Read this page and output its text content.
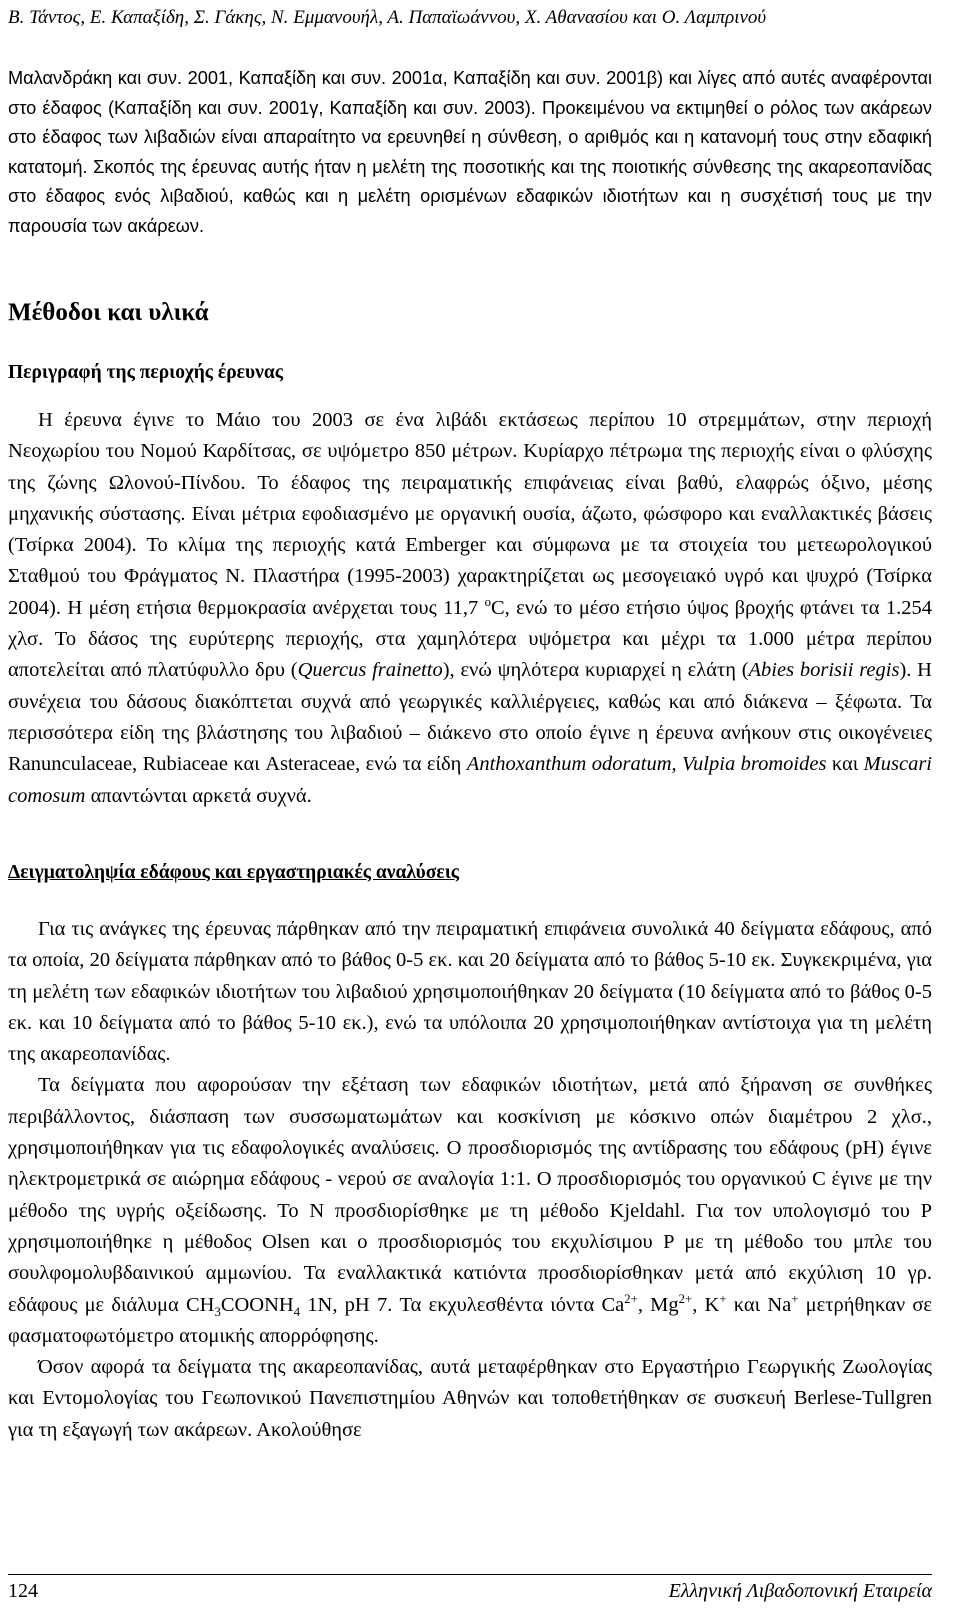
Β. Τάντος, Ε. Καπαξίδη, Σ. Γάκης, Ν. Εμμανουήλ, Α. Παπαϊωάννου, Χ. Αθανασίου και Ο. Λαμπρινού

Μαλανδράκη και συν. 2001, Καπαξίδη και συν. 2001α, Καπαξίδη και συν. 2001β) και λίγες από αυτές αναφέρονται στο έδαφος (Καπαξίδη και συν. 2001γ, Καπαξίδη και συν. 2003). Προκειμένου να εκτιμηθεί ο ρόλος των ακάρεων στο έδαφος των λιβαδιών είναι απαραίτητο να ερευνηθεί η σύνθεση, ο αριθμός και η κατανομή τους στην εδαφική κατατομή. Σκοπός της έρευνας αυτής ήταν η μελέτη της ποσοτικής και της ποιοτικής σύνθεσης της ακαρεοπανίδας στο έδαφος ενός λιβαδιού, καθώς και η μελέτη ορισμένων εδαφικών ιδιοτήτων και η συσχέτισή τους με την παρουσία των ακάρεων.

Μέθοδοι και υλικά
Περιγραφή της περιοχής έρευνας

Η έρευνα έγινε το Μάιο του 2003 σε ένα λιβάδι εκτάσεως περίπου 10 στρεμμάτων, στην περιοχή Νεοχωρίου του Νομού Καρδίτσας, σε υψόμετρο 850 μέτρων. Κυρίαρχο πέτρωμα της περιοχής είναι ο φλύσχης της ζώνης Ωλονού-Πίνδου. Το έδαφος της πειραματικής επιφάνειας είναι βαθύ, ελαφρώς όξινο, μέσης μηχανικής σύστασης. Είναι μέτρια εφοδιασμένο με οργανική ουσία, άζωτο, φώσφορο και εναλλακτικές βάσεις (Τσίρκα 2004). Το κλίμα της περιοχής κατά Emberger και σύμφωνα με τα στοιχεία του μετεωρολογικού Σταθμού του Φράγματος Ν. Πλαστήρα (1995-2003) χαρακτηρίζεται ως μεσογειακό υγρό και ψυχρό (Τσίρκα 2004). Η μέση ετήσια θερμοκρασία ανέρχεται τους 11,7 $^o$C, ενώ το μέσο ετήσιο ύψος βροχής φτάνει τα 1.254 χλσ. Το δάσος της ευρύτερης περιοχής, στα χαμηλότερα υψόμετρα και μέχρι τα 1.000 μέτρα περίπου αποτελείται από πλατύφυλλο δρυ (Quercus frainetto), ενώ ψηλότερα κυριαρχεί η ελάτη (Abies borisii regis). Η συνέχεια του δάσους διακόπτεται συχνά από γεωργικές καλλιέργειες, καθώς και από διάκενα – ξέφωτα. Τα περισσότερα είδη της βλάστησης του λιβαδιού – διάκενο στο οποίο έγινε η έρευνα ανήκουν στις οικογένειες Ranunculaceae, Rubiaceae και Asteraceae, ενώ τα είδη Anthoxanthum odoratum, Vulpia bromoides και Muscari comosum απαντώνται αρκετά συχνά.

Δειγματοληψία εδάφους και εργαστηριακές αναλύσεις

Για τις ανάγκες της έρευνας πάρθηκαν από την πειραματική επιφάνεια συνολικά 40 δείγματα εδάφους, από τα οποία, 20 δείγματα πάρθηκαν από το βάθος 0-5 εκ. και 20 δείγματα από το βάθος 5-10 εκ. Συγκεκριμένα, για τη μελέτη των εδαφικών ιδιοτήτων του λιβαδιού χρησιμοποιήθηκαν 20 δείγματα (10 δείγματα από το βάθος 0-5 εκ. και 10 δείγματα από το βάθος 5-10 εκ.), ενώ τα υπόλοιπα 20 χρησιμοποιήθηκαν αντίστοιχα για τη μελέτη της ακαρεοπανίδας.

Τα δείγματα που αφορούσαν την εξέταση των εδαφικών ιδιοτήτων, μετά από ξήρανση σε συνθήκες περιβάλλοντος, διάσπαση των συσσωματωμάτων και κοσκίνιση με κόσκινο οπών διαμέτρου 2 χλσ., χρησιμοποιήθηκαν για τις εδαφολογικές αναλύσεις. Ο προσδιορισμός της αντίδρασης του εδάφους (pH) έγινε ηλεκτρομετρικά σε αιώρημα εδάφους - νερού σε αναλογία 1:1. Ο προσδιορισμός του οργανικού C έγινε με την μέθοδο της υγρής οξείδωσης. Το N προσδιορίσθηκε με τη μέθοδο Kjeldahl. Για τον υπολογισμό του P χρησιμοποιήθηκε η μέθοδος Olsen και ο προσδιορισμός του εκχυλίσιμου P με τη μέθοδο του μπλε του σουλφομολυβδαινικού αμμωνίου. Τα εναλλακτικά κατιόντα προσδιορίσθηκαν μετά από εκχύλιση 10 γρ. εδάφους με διάλυμα $CH_3COONH_4$ 1N, pH 7. Τα εκχυλεσθέντα ιόντα $Ca^{2+}$, $Mg^{2+}$, K+ και Na+ μετρήθηκαν σε φασματοφωτόμετρο ατομικής απορρόφησης.

Όσον αφορά τα δείγματα της ακαρεοπανίδας, αυτά μεταφέρθηκαν στο Εργαστήριο Γεωργικής Ζωολογίας και Εντομολογίας του Γεωπονικού Πανεπιστημίου Αθηνών και τοποθετήθηκαν σε συσκευή Berlese-Tullgren για τη εξαγωγή των ακάρεων. Ακολούθησε

124	Ελληνική Λιβαδοπονική Εταιρεία
